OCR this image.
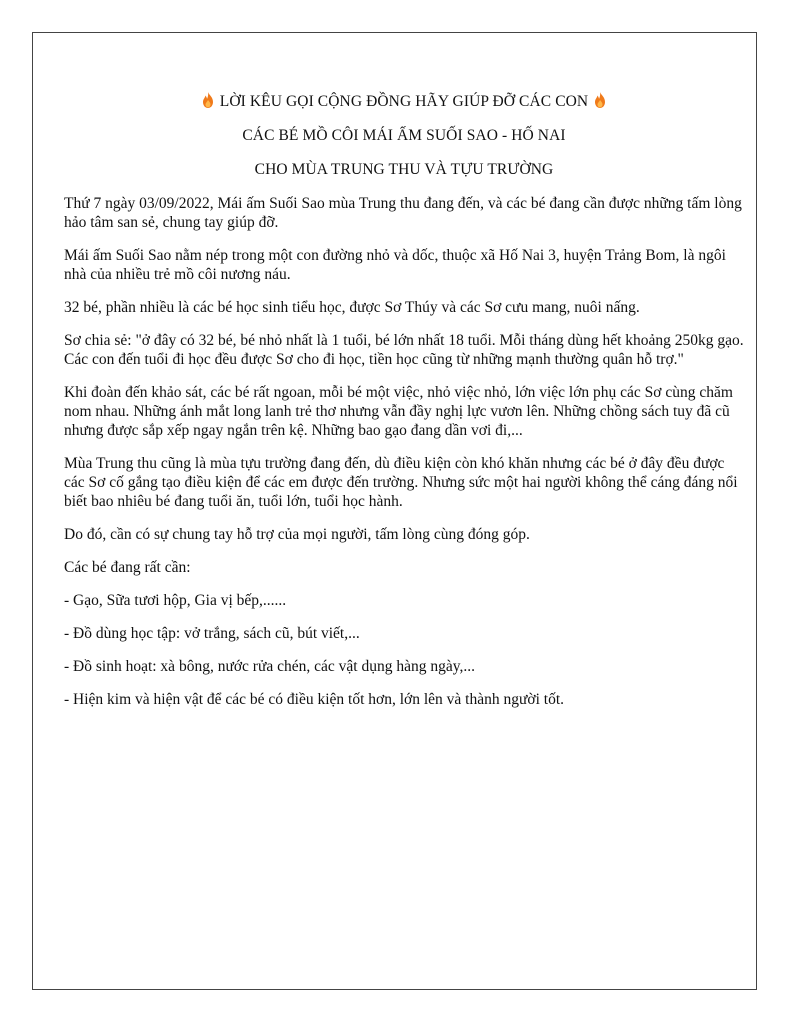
LỜI KÊU GỌI CỘNG ĐỒNG HÃY GIÚP ĐỠ CÁC CON

CÁC BÉ MỒ CÔI MÁI ẤM SUỐI SAO - HỐ NAI

CHO MÙA TRUNG THU VÀ TỰU TRƯỜNG

Thứ 7 ngày 03/09/2022, Mái ấm Suối Sao mùa Trung thu đang đến, và các bé đang cần được những tấm lòng hảo tâm san sẻ, chung tay giúp đỡ.

Mái ấm Suối Sao nằm nép trong một con đường nhỏ và dốc, thuộc xã Hố Nai 3, huyện Trảng Bom, là ngôi nhà của nhiều trẻ mồ côi nương náu.

32 bé, phần nhiều là các bé học sinh tiểu học, được Sơ Thúy và các Sơ cưu mang, nuôi nấng.

Sơ chia sẻ: "ở đây có 32 bé, bé nhỏ nhất là 1 tuổi, bé lớn nhất 18 tuổi. Mỗi tháng dùng hết khoảng 250kg gạo. Các con đến tuổi đi học đều được Sơ cho đi học, tiền học cũng từ những mạnh thường quân hỗ trợ."

Khi đoàn đến khảo sát, các bé rất ngoan, mỗi bé một việc, nhỏ việc nhỏ, lớn việc lớn phụ các Sơ cùng chăm nom nhau. Những ánh mắt long lanh trẻ thơ nhưng vẫn đầy nghị lực vươn lên. Những chồng sách tuy đã cũ nhưng được sắp xếp ngay ngắn trên kệ. Những bao gạo đang dần vơi đi,...

Mùa Trung thu cũng là mùa tựu trường đang đến, dù điều kiện còn khó khăn nhưng các bé ở đây đều được các Sơ cố gắng tạo điều kiện để các em được đến trường. Nhưng sức một hai người không thể cáng đáng nổi biết bao nhiêu bé đang tuổi ăn, tuổi lớn, tuổi học hành.

Do đó, cần có sự chung tay hỗ trợ của mọi người, tấm lòng cùng đóng góp.

Các bé đang rất cần:

- Gạo, Sữa tươi hộp, Gia vị bếp,......

- Đồ dùng học tập: vở trắng, sách cũ, bút viết,...

- Đồ sinh hoạt: xà bông, nước rửa chén, các vật dụng hàng ngày,...

- Hiện kim và hiện vật để các bé có điều kiện tốt hơn, lớn lên và thành người tốt.
